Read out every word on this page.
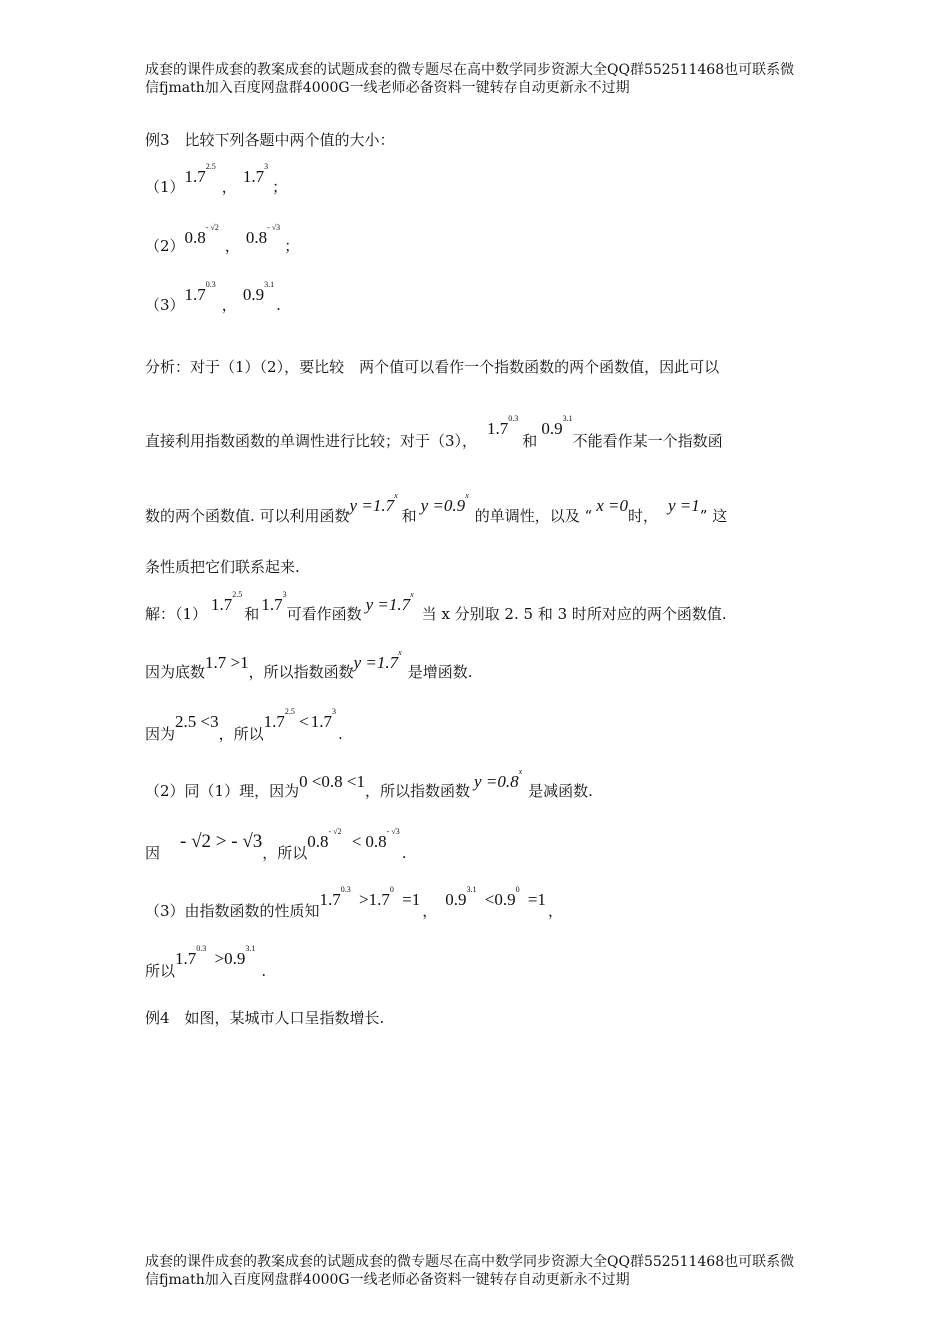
成套的课件成套的教案成套的试题成套的微专题尽在高中数学同步资源大全QQ群552511468也可联系微
信fjmath加入百度网盘群4000G一线老师必备资料一键转存自动更新永不过期
例3　比较下列各题中两个值的大小：
$(1)1.7^{2.5}$，$1.7^3$；
$(2)0.8^{- √2}$， $0.8^{- √3}$；
$(3)1.7^{0.3}$，$0.9^{3.1}$.
分析：对于（1）（2），要比较　两个值可以看作一个指数函数的两个函数值，因此可以
直接利用指数函数的单调性进行比较；对于（3），$1.7^{0.3}$和$0.9^{3.1}$不能看作某一个指数函
数的两个函数值. 可以利用函数$y =1.7^x$和$y =0.9^x$的单调性，以及 “x =0时，y =1” 这
条性质把它们联系起来.
解：（1） $1.7^{2.5}$和 $1.7^3$可看作函数 $y =1.7^x$当 x 分别取 2. 5 和 3 时所对应的两个函数值.
因为底数1.7 >1，所以指数函数$y =1.7^x$是增函数.
因为2.5 <3，所以$1.7^{2.5} < 1.7^3$.
（2）同（1）理，因为0 <0.8 <1，所以指数函数 $y =0.8^x$是减函数.
因- √2 > - √3，所以$0.8^{- √2} < 0.8^{- √3}$.
（3）由指数函数的性质知$1.7^{0.3} >1.7^0 =1$，$0.9^{3.1} <0.9^0 =1$，
所以$1.7^{0.3} >0.9^{3.1}$.
例4　如图，某城市人口呈指数增长.
成套的课件成套的教案成套的试题成套的微专题尽在高中数学同步资源大全QQ群552511468也可联系微
信fjmath加入百度网盘群4000G一线老师必备资料一键转存自动更新永不过期
